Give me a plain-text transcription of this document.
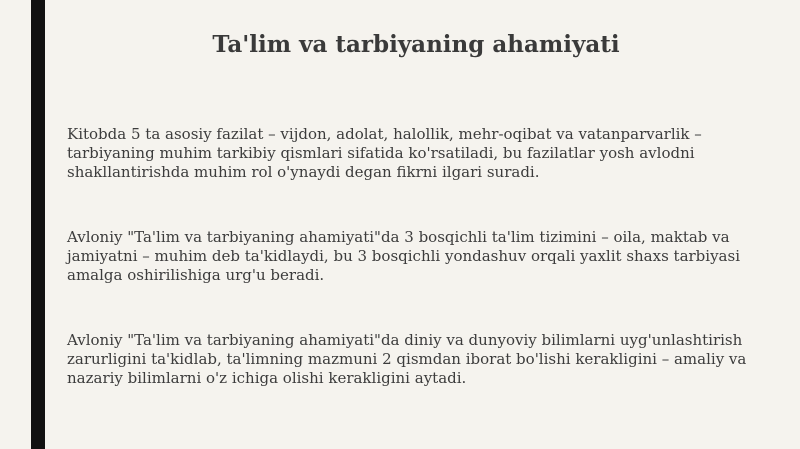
Ta'lim va tarbiyaning ahamiyati

Kitobda 5 ta asosiy fazilat – vijdon, adolat, halollik, mehr-oqibat va vatanparvarlik –
tarbiyaning muhim tarkibiy qismlari sifatida ko'rsatiladi, bu fazilatlar yosh avlodni
shakllantirishda muhim rol o'ynaydi degan fikrni ilgari suradi.

Avloniy "Ta'lim va tarbiyaning ahamiyati"da 3 bosqichli ta'lim tizimini – oila, maktab va
jamiyatni – muhim deb ta'kidlaydi, bu 3 bosqichli yondashuv orqali yaxlit shaxs tarbiyasi
amalga oshirilishiga urg'u beradi.

Avloniy "Ta'lim va tarbiyaning ahamiyati"da diniy va dunyoviy bilimlarni uyg'unlashtirish
zarurligini ta'kidlab, ta'limning mazmuni 2 qismdan iborat bo'lishi kerakligini – amaliy va
nazariy bilimlarni o'z ichiga olishi kerakligini aytadi.
